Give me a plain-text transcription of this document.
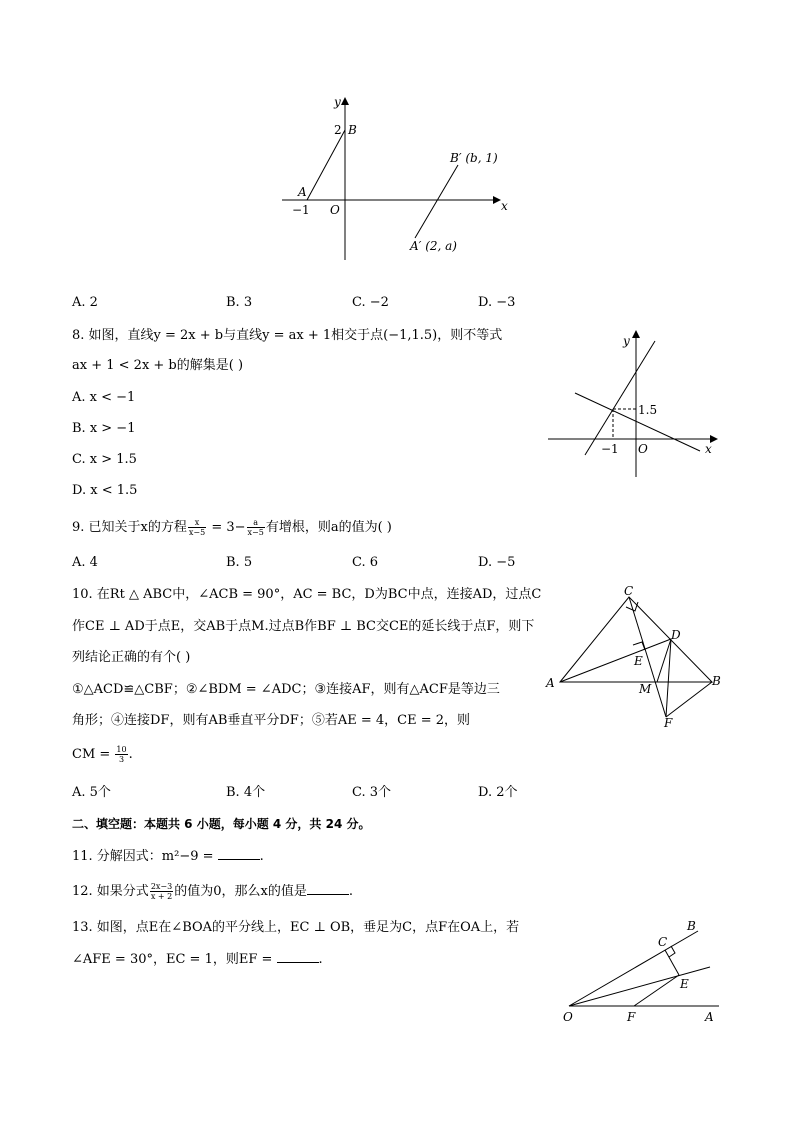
y
x
O
2 B
A
−1
B′ (b, 1)
A′ (2, a)
A. 2	B. 3	C. −2	D. −3
8. 如图，直线y = 2x + b与直线y = ax + 1相交于点(−1,1.5)，则不等式
ax + 1 < 2x + b的解集是( )
A. x < −1
B. x > −1
C. x > 1.5
D. x < 1.5
y
x
O
1.5
−1
9. 已知关于x的方程 $\frac{x}{x-5} = 3- \frac{a}{x-5}$ 有增根，则a的值为( )
A. 4	B. 5	C. 6	D. −5
10. 在Rt △ ABC中，∠ACB = 90°，AC = BC，D为BC中点，连接AD，过点C
作CE ⊥ AD于点E，交AB于点M.过点B作BF ⊥ BC交CE的延长线于点F，则下
列结论正确的有个( )
①△ACD≌△CBF；②∠BDM = ∠ADC；③连接AF，则有△ACF是等边三
角形；④连接DF，则有AB垂直平分DF；⑤若AE = 4，CE = 2，则
CM = $\frac{10}{3}$ .
A. 5个	B. 4个	C. 3个	D. 2个
C
D
E
A	M
B
F
二、填空题：本题共 6 小题，每小题 4 分，共 24 分。
11. 分解因式：m²−9 =	.
12. 如果分式 $\frac{2x-3}{x + 2}$ 的值为0，那么x的值是	.
13. 如图，点E在∠BOA的平分线上，EC ⊥ OB，垂足为C，点F在OA上，若
∠AFE = 30°，EC = 1，则EF =	.
B
C
E
O	F	A
